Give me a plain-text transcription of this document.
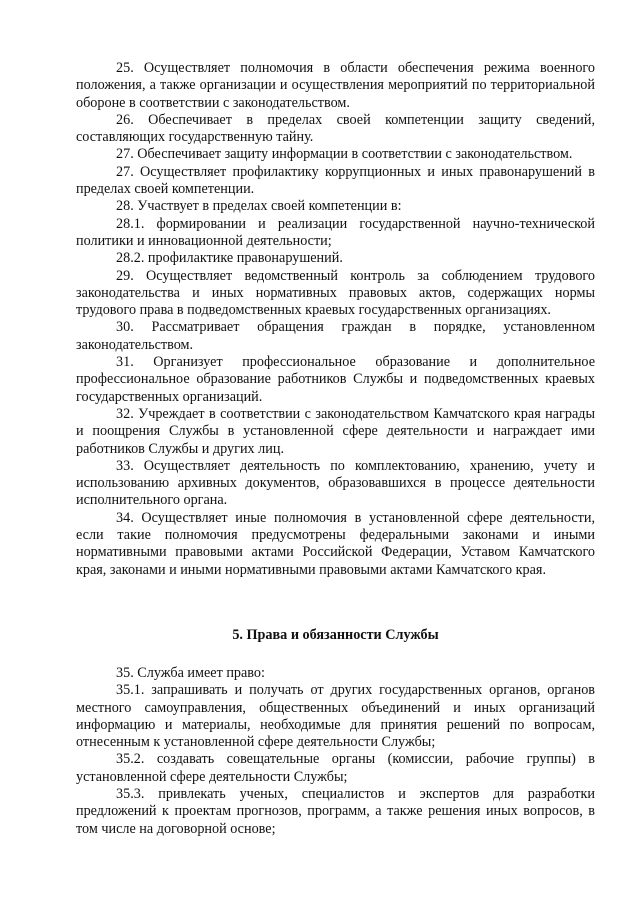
25. Осуществляет полномочия в области обеспечения режима военного положения, а также организации и осуществления мероприятий по территориальной обороне в соответствии с законодательством.

26. Обеспечивает в пределах своей компетенции защиту сведений, составляющих государственную тайну.

27. Обеспечивает защиту информации в соответствии с законодательством.

27. Осуществляет профилактику коррупционных и иных правонарушений в пределах своей компетенции.

28. Участвует в пределах своей компетенции в:

28.1. формировании и реализации государственной научно-технической политики и инновационной деятельности;

28.2. профилактике правонарушений.

29. Осуществляет ведомственный контроль за соблюдением трудового законодательства и иных нормативных правовых актов, содержащих нормы трудового права в подведомственных краевых государственных организациях.

30. Рассматривает обращения граждан в порядке, установленном законодательством.

31. Организует профессиональное образование и дополнительное профессиональное образование работников Службы и подведомственных краевых государственных организаций.

32. Учреждает в соответствии с законодательством Камчатского края награды и поощрения Службы в установленной сфере деятельности и награждает ими работников Службы и других лиц.

33. Осуществляет деятельность по комплектованию, хранению, учету и использованию архивных документов, образовавшихся в процессе деятельности исполнительного органа.

34. Осуществляет иные полномочия в установленной сфере деятельности, если такие полномочия предусмотрены федеральными законами и иными нормативными правовыми актами Российской Федерации, Уставом Камчатского края, законами и иными нормативными правовыми актами Камчатского края.

5. Права и обязанности Службы

35. Служба имеет право:

35.1. запрашивать и получать от других государственных органов, органов местного самоуправления, общественных объединений и иных организаций информацию и материалы, необходимые для принятия решений по вопросам, отнесенным к установленной сфере деятельности Службы;

35.2. создавать совещательные органы (комиссии, рабочие группы) в установленной сфере деятельности Службы;

35.3. привлекать ученых, специалистов и экспертов для разработки предложений к проектам прогнозов, программ, а также решения иных вопросов, в том числе на договорной основе;
